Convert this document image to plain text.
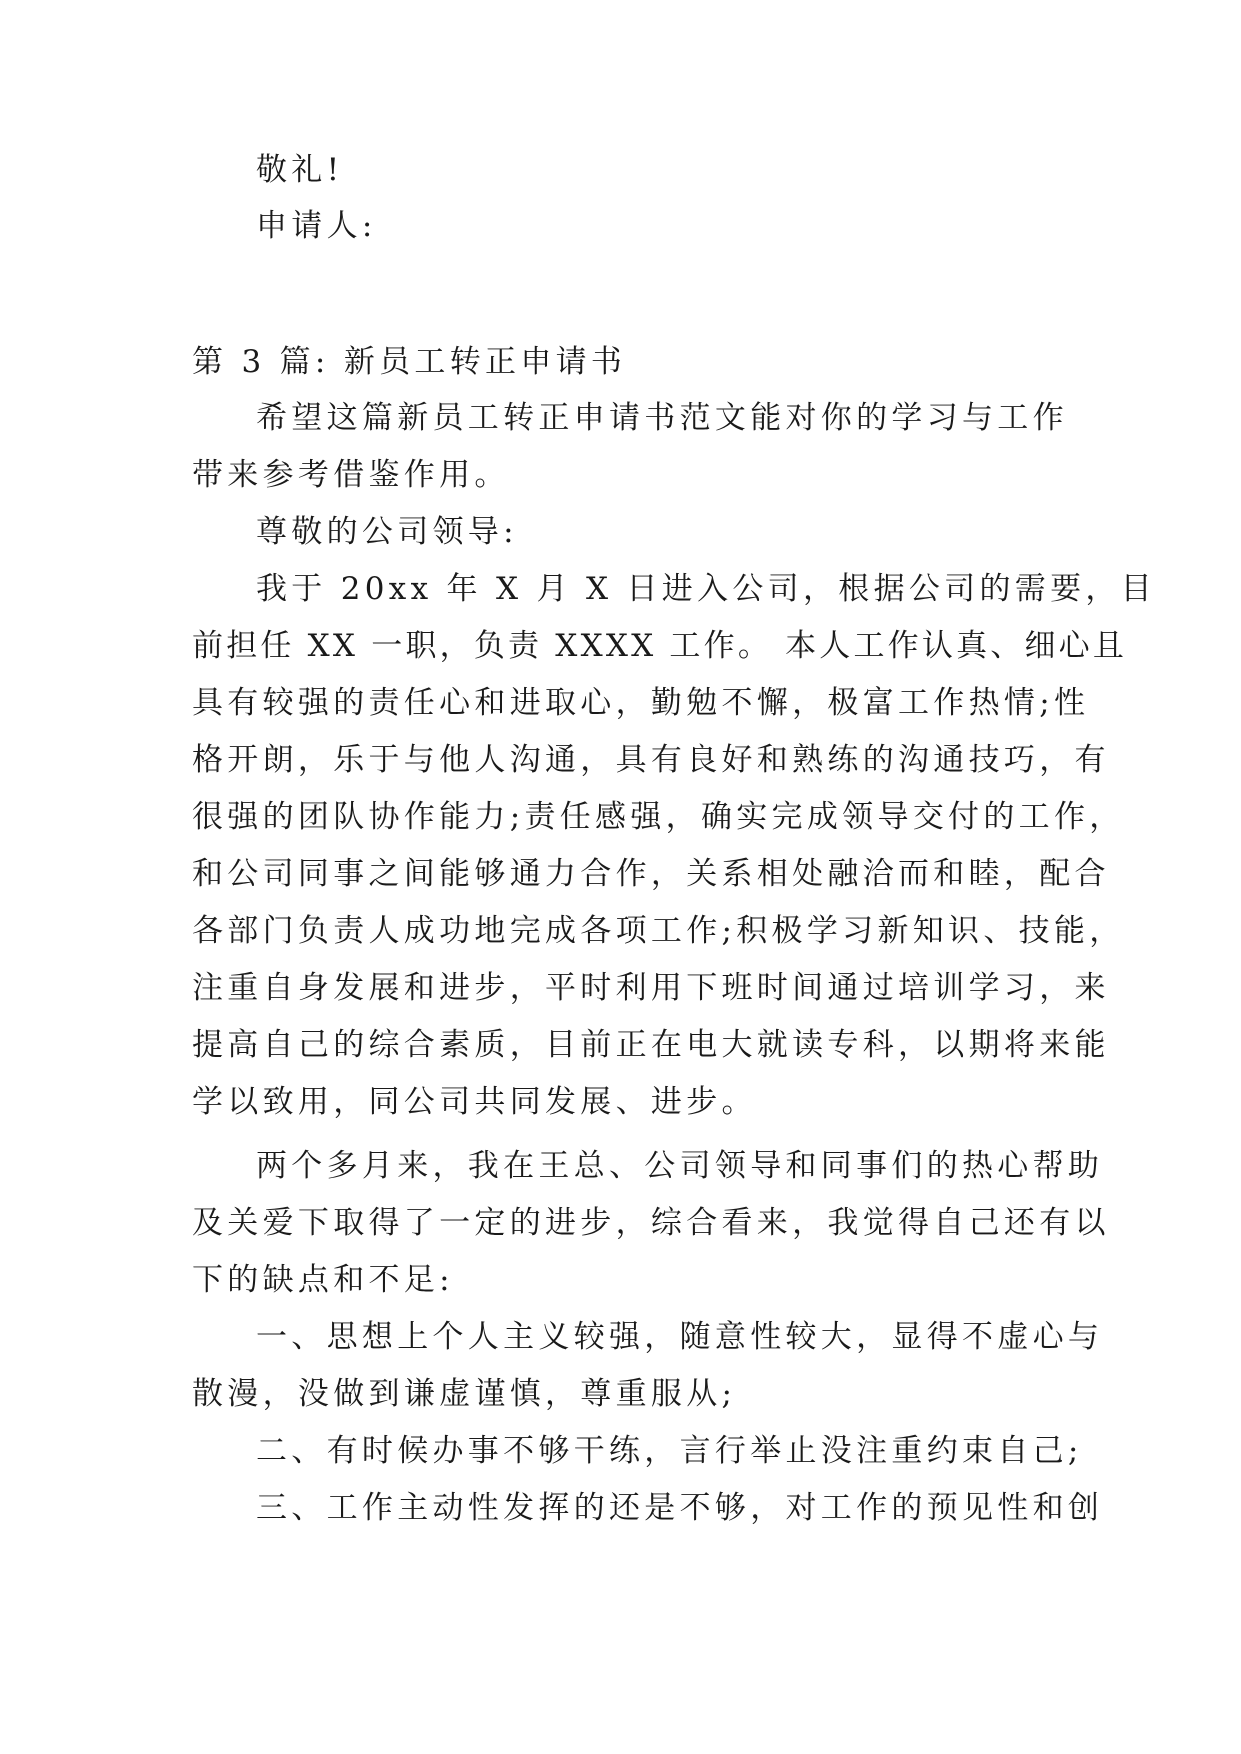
敬礼!
申请人:
第 3 篇: 新员工转正申请书
希望这篇新员工转正申请书范文能对你的学习与工作
带来参考借鉴作用。
尊敬的公司领导:
我于 20xx 年 X 月 X 日进入公司，根据公司的需要，目
前担任 XX 一职，负责 XXXX 工作。 本人工作认真、细心且
具有较强的责任心和进取心，勤勉不懈，极富工作热情;性
格开朗，乐于与他人沟通，具有良好和熟练的沟通技巧，有
很强的团队协作能力;责任感强，确实完成领导交付的工作，
和公司同事之间能够通力合作，关系相处融洽而和睦，配合
各部门负责人成功地完成各项工作;积极学习新知识、技能，
注重自身发展和进步，平时利用下班时间通过培训学习，来
提高自己的综合素质，目前正在电大就读专科，以期将来能
学以致用，同公司共同发展、进步。
两个多月来，我在王总、公司领导和同事们的热心帮助
及关爱下取得了一定的进步，综合看来，我觉得自己还有以
下的缺点和不足:
一、思想上个人主义较强，随意性较大，显得不虚心与
散漫，没做到谦虚谨慎，尊重服从;
二、有时候办事不够干练，言行举止没注重约束自己;
三、工作主动性发挥的还是不够，对工作的预见性和创
